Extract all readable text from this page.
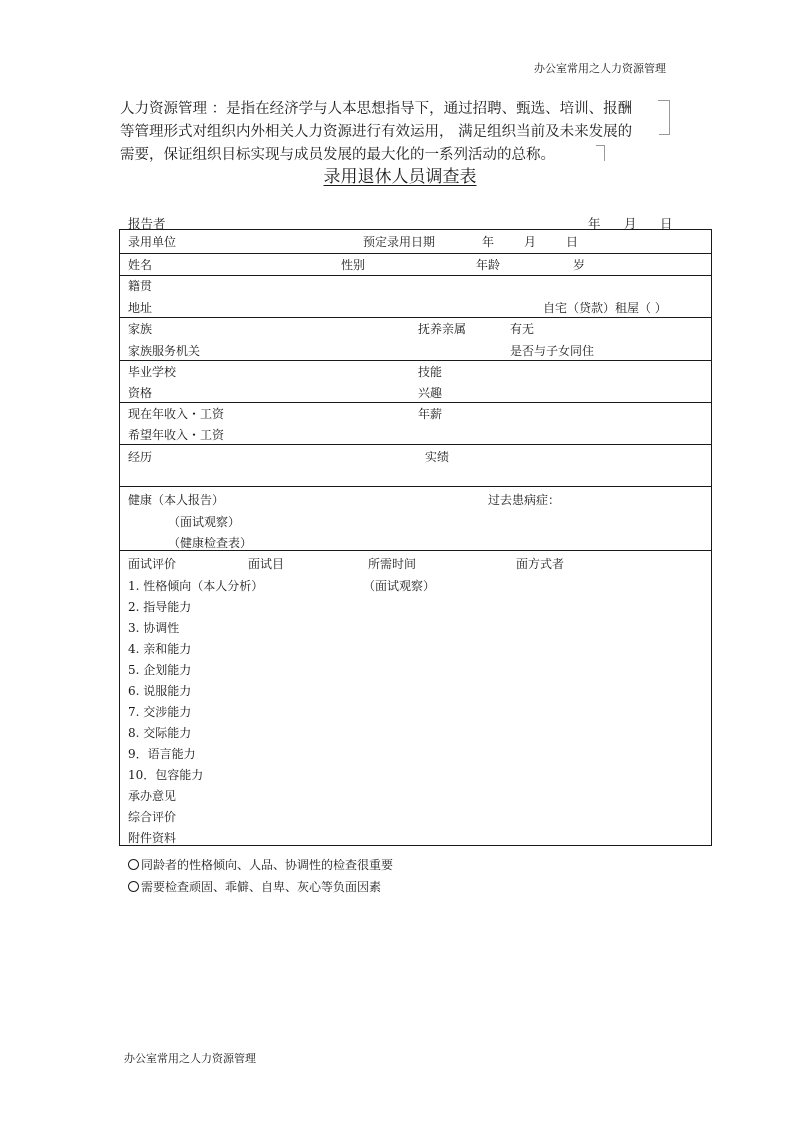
办公室常用之人力资源管理
人力资源管理 ：是指在经济学与人本思想指导下，通过招聘、甄选、培训、报酬
等管理形式对组织内外相关人力资源进行有效运用， 满足组织当前及未来发展的
需要，保证组织目标实现与成员发展的最大化的一系列活动的总称。
录用退休人员调查表
报告者	年 月 日
录用单位	预定录用日期	年 月 日
姓名	性别	年龄	岁
籍贯
地址	自宅（贷款）租屋（ ）
家族	抚养亲属	有无
家族服务机关	是否与子女同住
毕业学校	技能
资格	兴趣
现在年收入・工资	年薪
希望年收入・工资
经历	实绩
健康（本人报告）	过去患病症：
（面试观察）
（健康检查表）
面试评价	面试目	所需时间	面方式者
1. 性格倾向（本人分析）	（面试观察）
2. 指导能力
3. 协调性
4. 亲和能力
5. 企划能力
6. 说服能力
7. 交涉能力
8. 交际能力
9．语言能力
10．包容能力
承办意见
综合评价
附件资料
同龄者的性格倾向、人品、协调性的检查很重要
需要检查顽固、乖僻、自卑、灰心等负面因素
办公室常用之人力资源管理
